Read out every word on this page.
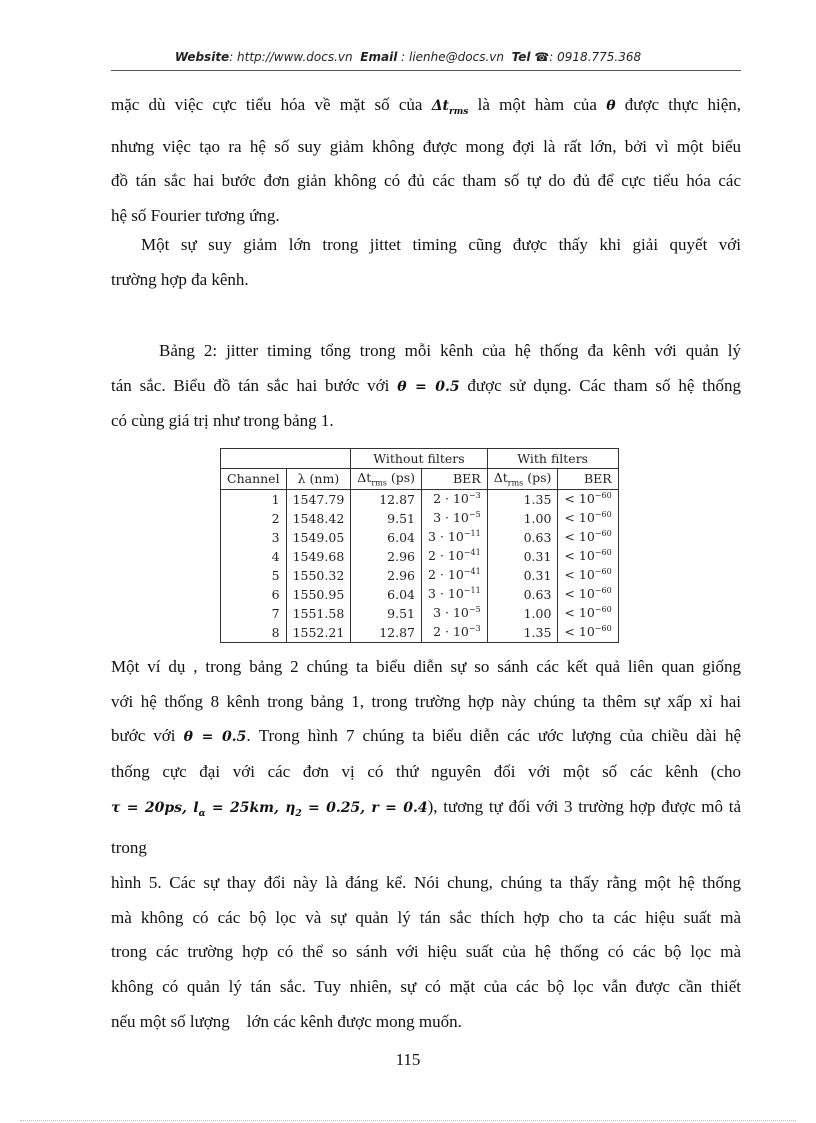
Website: http://www.docs.vn Email : lienhe@docs.vn Tel ☎: 0918.775.368
mặc dù việc cực tiểu hóa về mặt số của $\Delta t_{rms}$ là một hàm của θ được thực hiện,
nhưng việc tạo ra hệ số suy giảm không được mong đợi là rất lớn, bởi vì một biểu
đồ tán sắc hai bước đơn giản không có đủ các tham số tự do đủ để cực tiểu hóa các
hệ số Fourier tương ứng.
Một sự suy giảm lớn trong jittet timing cũng được thấy khi giải quyết với
trường hợp đa kênh.
Bảng 2: jitter timing tổng trong mỗi kênh của hệ thống đa kênh với quản lý
tán sắc. Biểu đồ tán sắc hai bước với θ = 0.5 được sử dụng. Các tham số hệ thống
có cùng giá trị như trong bảng 1.
		Without filters		With filters	
Channel	λ (nm)	$\Delta t_{rms}$ (ps)	BER	$\Delta t_{rms}$ (ps)	BER
1	1547.79	12.87	$2 \cdot 10^{-3}$	1.35	< $10^{-60}$
2	1548.42	9.51	$3 \cdot 10^{-5}$	1.00	< $10^{-60}$
3	1549.05	6.04	$3 \cdot 10^{-11}$	0.63	< $10^{-60}$
4	1549.68	2.96	$2 \cdot 10^{-41}$	0.31	< $10^{-60}$
5	1550.32	2.96	$2 \cdot 10^{-41}$	0.31	< $10^{-60}$
6	1550.95	6.04	$3 \cdot 10^{-11}$	0.63	< $10^{-60}$
7	1551.58	9.51	$3 \cdot 10^{-5}$	1.00	< $10^{-60}$
8	1552.21	12.87	$2 \cdot 10^{-3}$	1.35	< $10^{-60}$
Một ví dụ , trong bảng 2 chúng ta biểu diễn sự so sánh các kết quả liên quan giống
với hệ thống 8 kênh trong bảng 1, trong trường hợp này chúng ta thêm sự xấp xỉ hai
bước với θ = 0.5. Trong hình 7 chúng ta biểu diễn các ước lượng của chiều dài hệ
thống cực đại với các đơn vị có thứ nguyên đối với một số các kênh (cho
τ = 20ps, $l_\alpha = 25km$, $\eta_2 = 0.25$, r = 0.4), tương tự đối với 3 trường hợp được mô tả trong
hình 5. Các sự thay đổi này là đáng kể. Nói chung, chúng ta thấy rằng một hệ thống
mà không có các bộ lọc và sự quản lý tán sắc thích hợp cho ta các hiệu suất mà
trong các trường hợp có thể so sánh với hiệu suất của hệ thống có các bộ lọc mà
không có quản lý tán sắc. Tuy nhiên, sự có mặt của các bộ lọc vẫn được cần thiết
nếu một số lượng    lớn các kênh được mong muốn.
115
